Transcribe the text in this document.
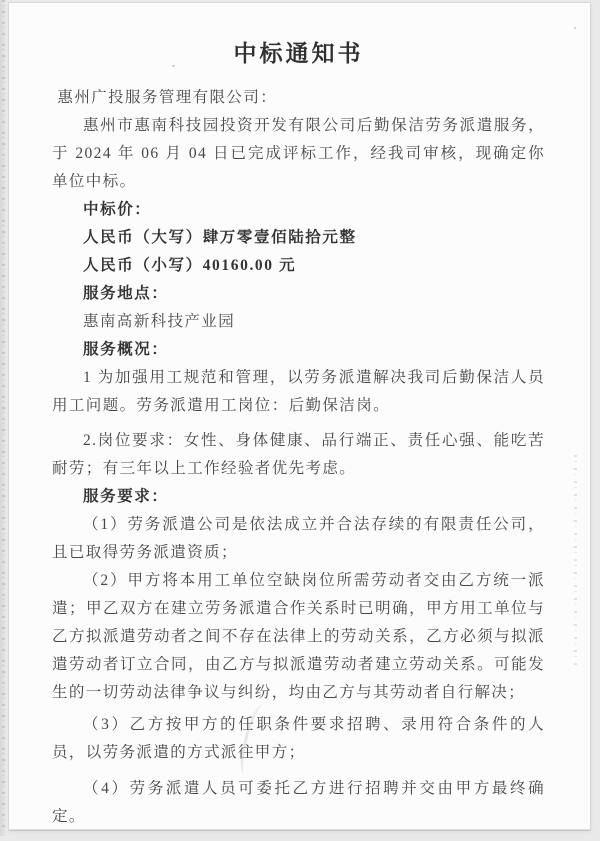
中标通知书

惠州广投服务管理有限公司：

惠州市惠南科技园投资开发有限公司后勤保洁劳务派遣服务，于 2024 年 06 月 04 日已完成评标工作，经我司审核，现确定你单位中标。

中标价：

人民币（大写）肆万零壹佰陆拾元整

人民币（小写）40160.00 元

服务地点：

惠南高新科技产业园

服务概况：

1 为加强用工规范和管理，以劳务派遣解决我司后勤保洁人员用工问题。劳务派遣用工岗位：后勤保洁岗。

2.岗位要求：女性、身体健康、品行端正、责任心强、能吃苦耐劳；有三年以上工作经验者优先考虑。

服务要求：

（1）劳务派遣公司是依法成立并合法存续的有限责任公司，且已取得劳务派遣资质；

（2）甲方将本用工单位空缺岗位所需劳动者交由乙方统一派遣；甲乙双方在建立劳务派遣合作关系时已明确，甲方用工单位与乙方拟派遣劳动者之间不存在法律上的劳动关系，乙方必须与拟派遣劳动者订立合同，由乙方与拟派遣劳动者建立劳动关系。可能发生的一切劳动法律争议与纠纷，均由乙方与其劳动者自行解决；

（3）乙方按甲方的任职条件要求招聘、录用符合条件的人员，以劳务派遣的方式派往甲方；

（4）劳务派遣人员可委托乙方进行招聘并交由甲方最终确定。
